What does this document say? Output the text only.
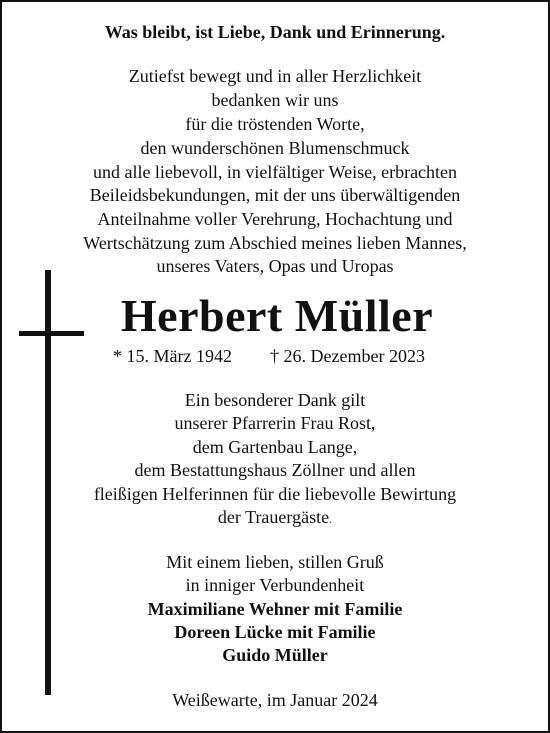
Was bleibt, ist Liebe, Dank und Erinnerung.
Zutiefst bewegt und in aller Herzlichkeit
bedanken wir uns
für die tröstenden Worte,
den wunderschönen Blumenschmuck
und alle liebevoll, in vielfältiger Weise, erbrachten
Beileidsbekundungen, mit der uns überwältigenden
Anteilnahme voller Verehrung, Hochachtung und
Wertschätzung zum Abschied meines lieben Mannes,
unseres Vaters, Opas und Uropas
Herbert Müller
* 15. März 1942 † 26. Dezember 2023
Ein besonderer Dank gilt
unserer Pfarrerin Frau Rost,
dem Gartenbau Lange,
dem Bestattungshaus Zöllner und allen
fleißigen Helferinnen für die liebevolle Bewirtung
der Trauergäste.
Mit einem lieben, stillen Gruß
in inniger Verbundenheit
Maximiliane Wehner mit Familie
Doreen Lücke mit Familie
Guido Müller
Weißewarte, im Januar 2024
